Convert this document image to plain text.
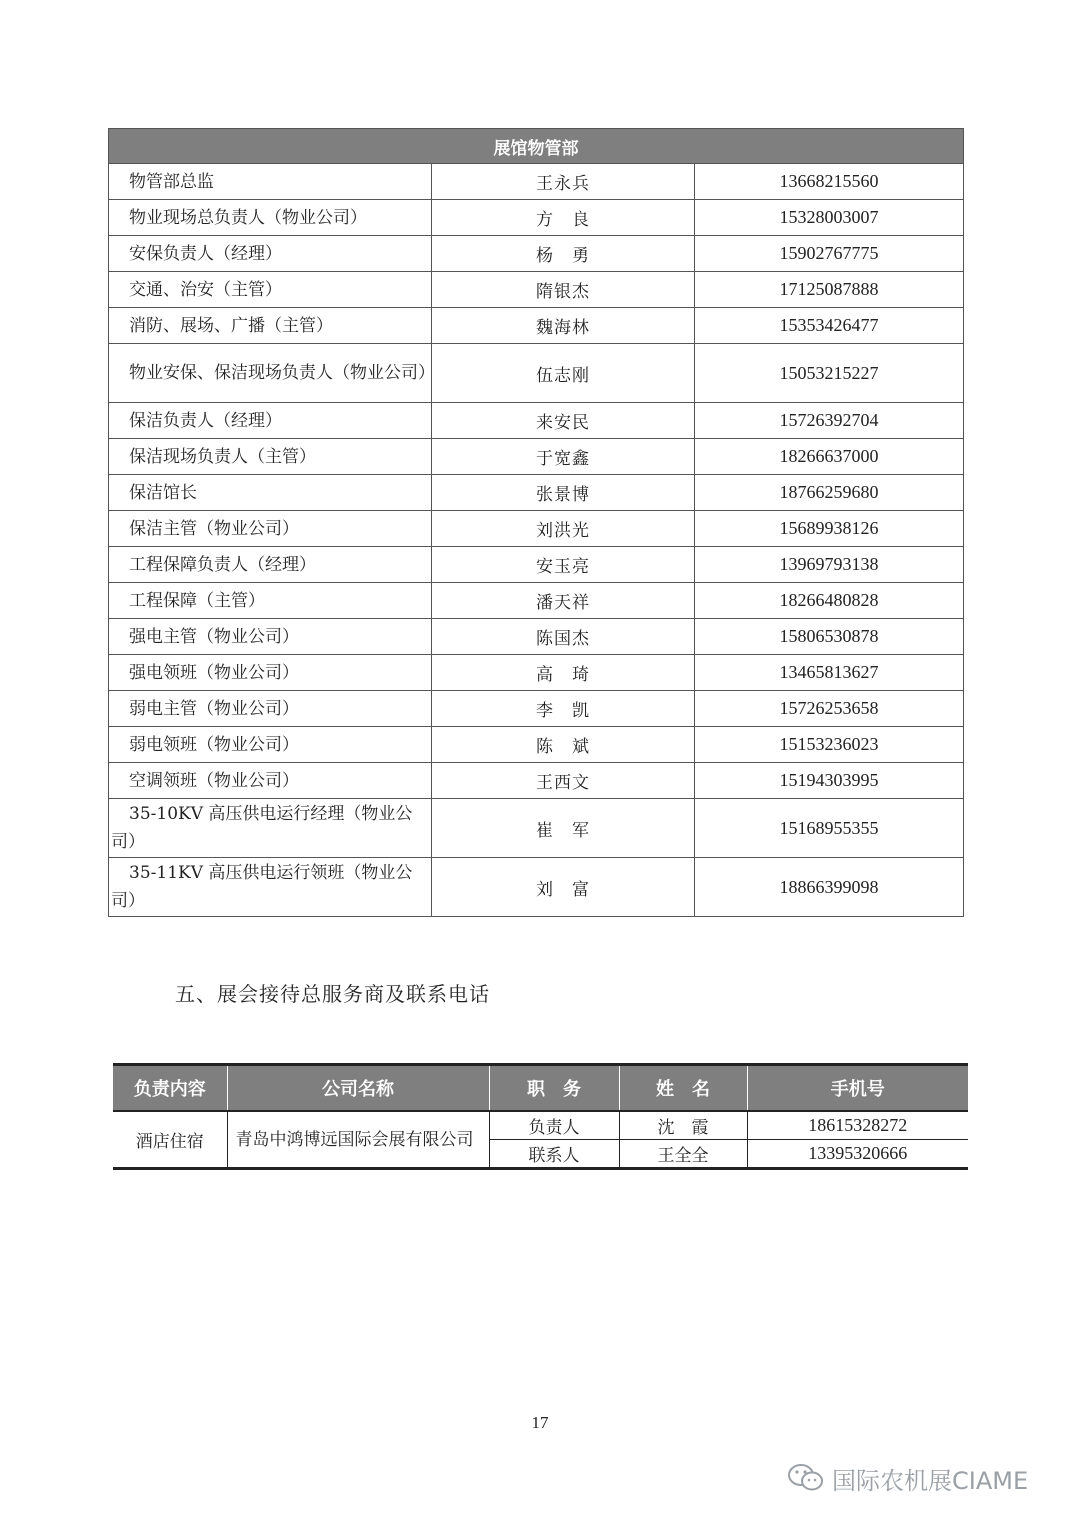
展馆物管部		
物管部总监	王永兵	13668215560
物业现场总负责人（物业公司）	方　良	15328003007
安保负责人（经理）	杨　勇	15902767775
交通、治安（主管）	隋银杰	17125087888
消防、展场、广播（主管）	魏海林	15353426477
物业安保、保洁现场负责人（物业公司）	伍志刚	15053215227
保洁负责人（经理）	来安民	15726392704
保洁现场负责人（主管）	于宽鑫	18266637000
保洁馆长	张景博	18766259680
保洁主管（物业公司）	刘洪光	15689938126
工程保障负责人（经理）	安玉亮	13969793138
工程保障（主管）	潘天祥	18266480828
强电主管（物业公司）	陈国杰	15806530878
强电领班（物业公司）	高　琦	13465813627
弱电主管（物业公司）	李　凯	15726253658
弱电领班（物业公司）	陈　斌	15153236023
空调领班（物业公司）	王西文	15194303995
35-10KV 高压供电运行经理（物业公司）	崔　军	15168955355
35-11KV 高压供电运行领班（物业公司）	刘　富	18866399098
五、展会接待总服务商及联系电话
负责内容	公司名称	职　务	姓　名	手机号
酒店住宿	青岛中鸿博远国际会展有限公司	负责人	沈　霞	18615328272
		联系人	王全全	13395320666
17
国际农机展CIAME
